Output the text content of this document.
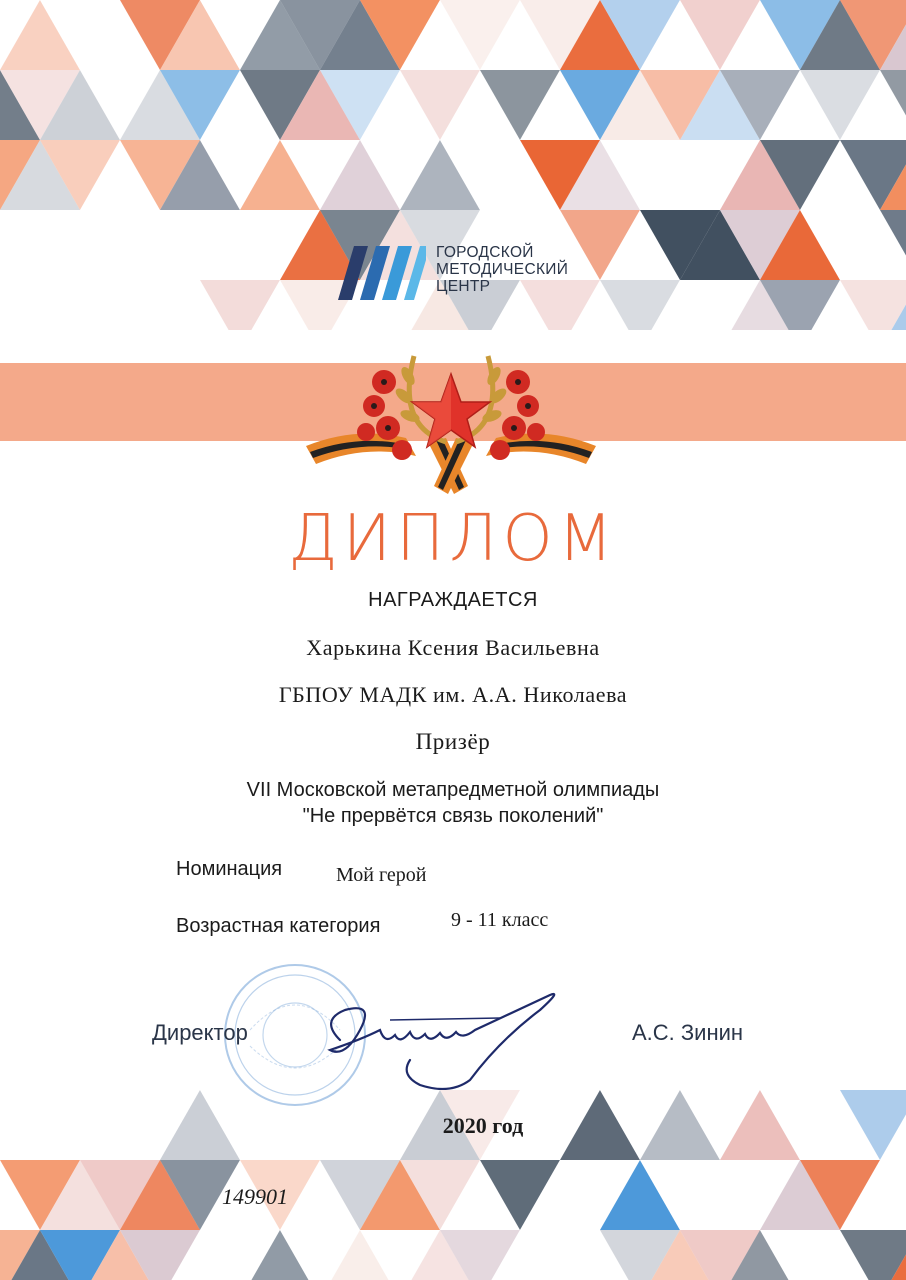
ГОРОДСКОЙ
МЕТОДИЧЕСКИЙ
ЦЕНТР
ДИПЛОМ
НАГРАЖДАЕТСЯ
Харькина Ксения Васильевна
ГБПОУ МАДК им. А.А. Николаева
Призёр
VII Московской метапредметной олимпиады
"Не прервётся связь поколений"
Номинация	Мой герой
Возрастная категория	9 - 11 класс
Директор	А.С. Зинин
2020 год
149901
